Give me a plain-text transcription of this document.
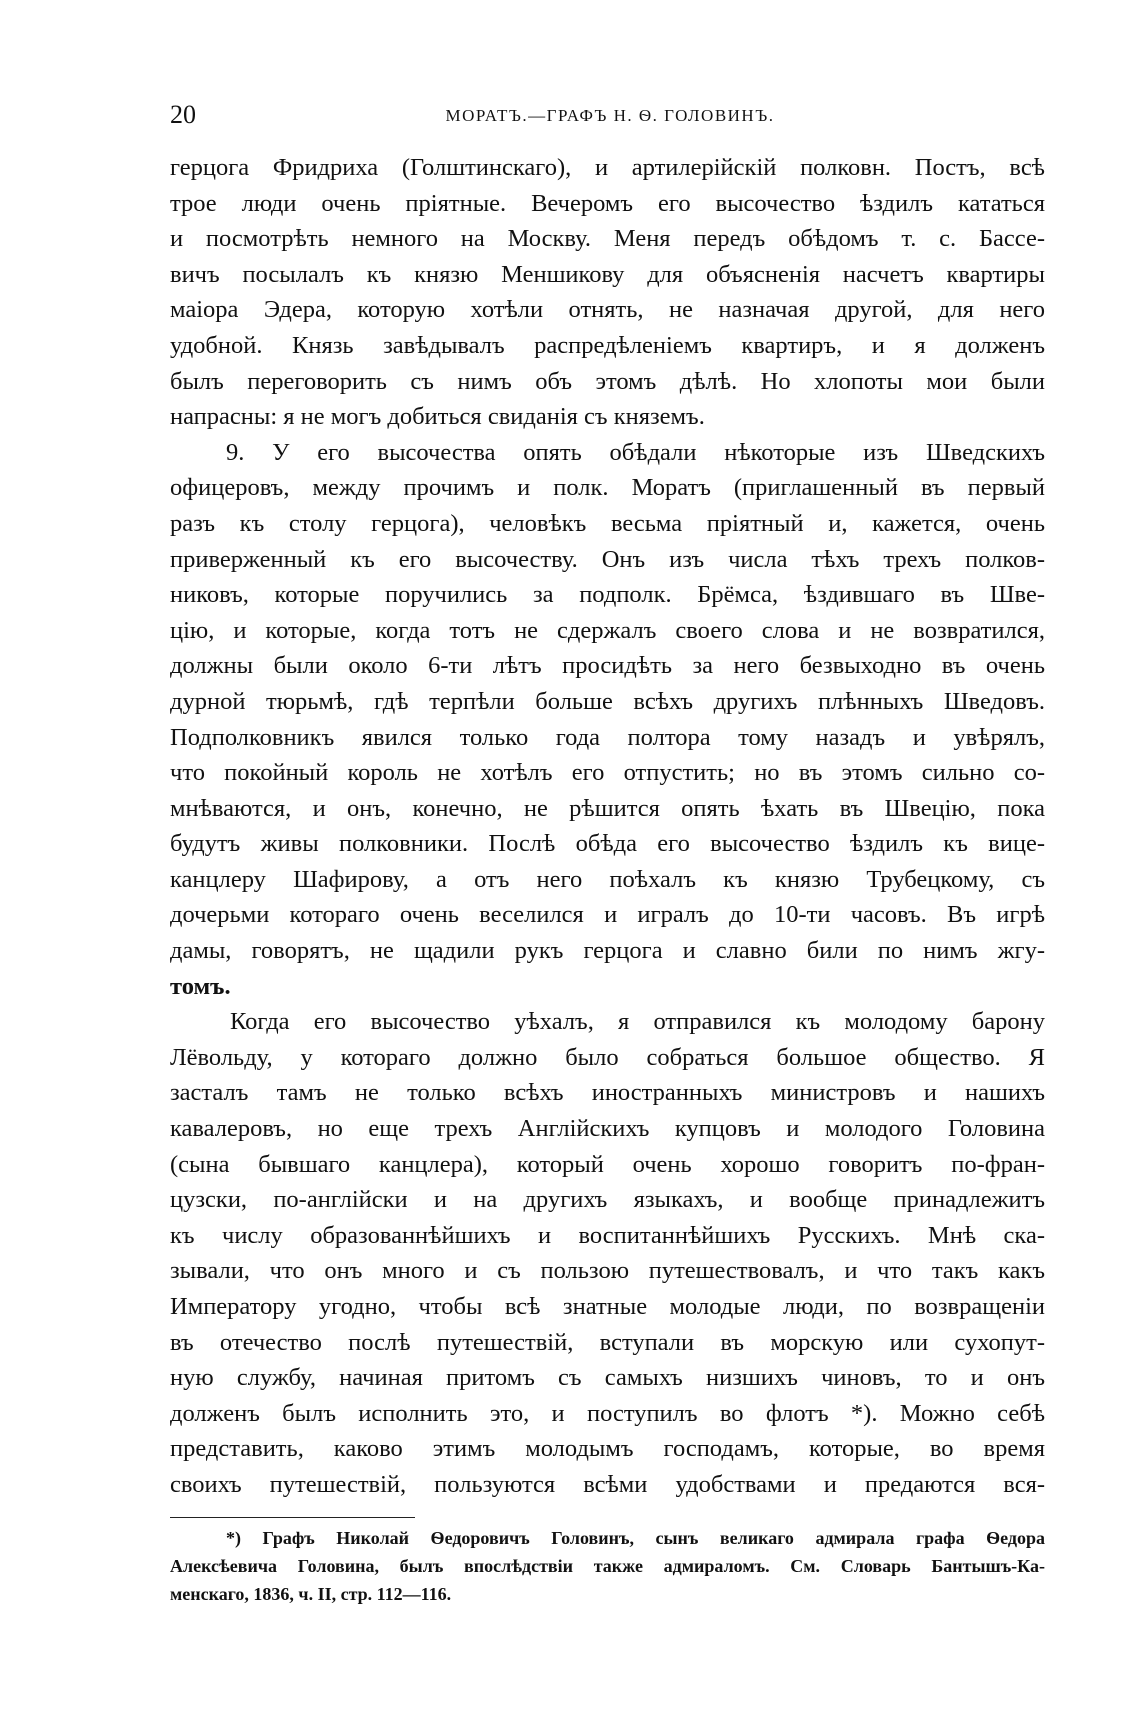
20	МОРАТЪ.—ГРАФЪ Н. Ѳ. ГОЛОВИНЪ.
герцога Фридриха (Голштинскаго), и артилерійскій полковн. Постъ, всѣ
трое люди очень пріятные. Вечеромъ его высочество ѣздилъ кататься
и посмотрѣть немного на Москву. Меня передъ обѣдомъ т. с. Бассе-
вичъ посылалъ къ князю Меншикову для объясненія насчетъ квартиры
маіора Эдера, которую хотѣли отнять, не назначая другой, для него
удобной. Князь завѣдывалъ распредѣленіемъ квартиръ, и я долженъ
былъ переговорить съ нимъ объ этомъ дѣлѣ. Но хлопоты мои были
напрасны: я не могъ добиться свиданія съ княземъ.
9. У его высочества опять обѣдали нѣкоторые изъ Шведскихъ
офицеровъ, между прочимъ и полк. Моратъ (приглашенный въ первый
разъ къ столу герцога), человѣкъ весьма пріятный и, кажется, очень
приверженный къ его высочеству. Онъ изъ числа тѣхъ трехъ полков-
никовъ, которые поручились за подполк. Брёмса, ѣздившаго въ Шве-
цію, и которые, когда тотъ не сдержалъ своего слова и не возвратился,
должны были около 6-ти лѣтъ просидѣть за него безвыходно въ очень
дурной тюрьмѣ, гдѣ терпѣли больше всѣхъ другихъ плѣнныхъ Шведовъ.
Подполковникъ явился только года полтора тому назадъ и увѣрялъ,
что покойный король не хотѣлъ его отпустить; но въ этомъ сильно со-
мнѣваются, и онъ, конечно, не рѣшится опять ѣхать въ Швецію, пока
будутъ живы полковники. Послѣ обѣда его высочество ѣздилъ къ вице-
канцлеру Шафирову, а отъ него поѣхалъ къ князю Трубецкому, съ
дочерьми котораго очень веселился и игралъ до 10-ти часовъ. Въ игрѣ
дамы, говорятъ, не щадили рукъ герцога и славно били по нимъ жгу-
томъ.
Когда его высочество уѣхалъ, я отправился къ молодому барону
Лёвольду, у котораго должно было собраться большое общество. Я
засталъ тамъ не только всѣхъ иностранныхъ министровъ и нашихъ
кавалеровъ, но еще трехъ Англійскихъ купцовъ и молодого Головина
(сына бывшаго канцлера), который очень хорошо говоритъ по-фран-
цузски, по-англійски и на другихъ языкахъ, и вообще принадлежитъ
къ числу образованнѣйшихъ и воспитаннѣйшихъ Русскихъ. Мнѣ ска-
зывали, что онъ много и съ пользою путешествовалъ, и что такъ какъ
Императору угодно, чтобы всѣ знатные молодые люди, по возвращеніи
въ отечество послѣ путешествій, вступали въ морскую или сухопут-
ную службу, начиная притомъ съ самыхъ низшихъ чиновъ, то и онъ
долженъ былъ исполнить это, и поступилъ во флотъ *). Можно себѣ
представить, каково этимъ молодымъ господамъ, которые, во время
своихъ путешествій, пользуются всѣми удобствами и предаются вся-
*) Графъ Николай Ѳедоровичъ Головинъ, сынъ великаго адмирала графа Ѳедора
Алексѣевича Головина, былъ впослѣдствіи также адмираломъ. См. Словарь Бантышъ-Ка-
менскаго, 1836, ч. II, стр. 112—116.
